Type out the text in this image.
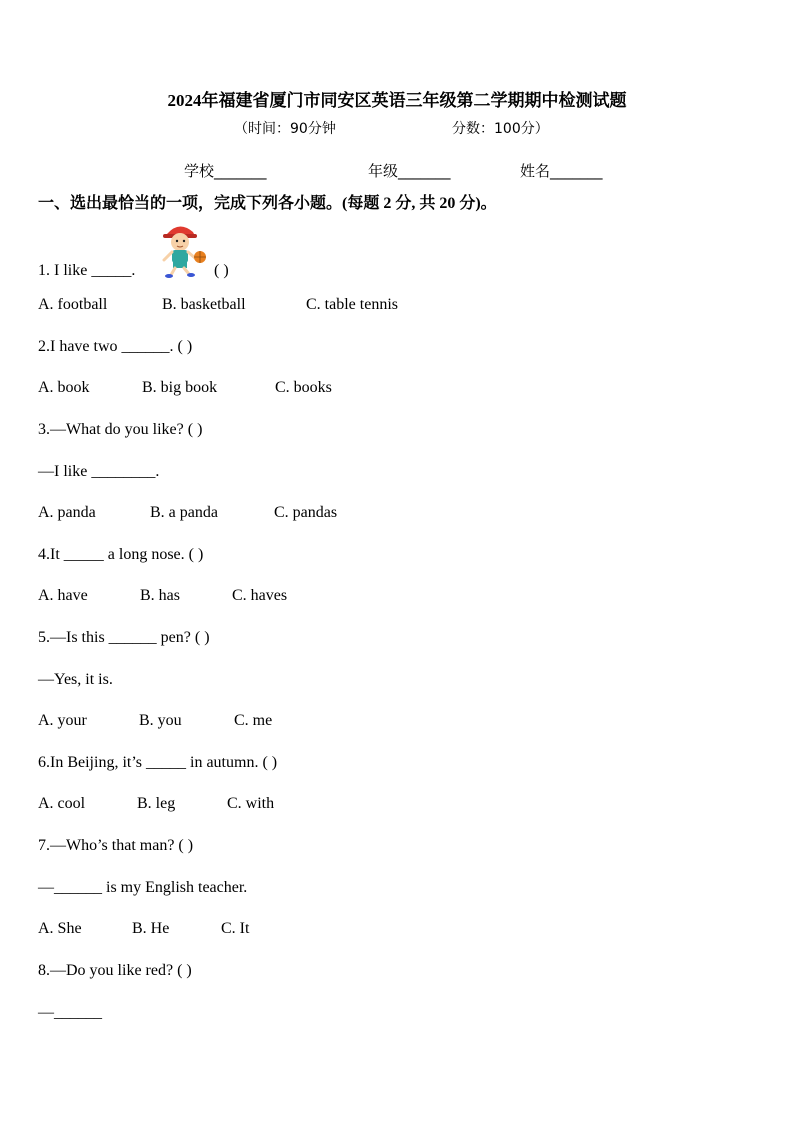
2024年福建省厦门市同安区英语三年级第二学期期中检测试题
（时间：90分钟	分数：100分）
学校_______	年级_______	姓名_______
一、选出最恰当的一项，完成下列各小题。(每题 2 分, 共 20 分)。
1. I like _____.	( )
A. football	B. basketball	C. table tennis
2.I have two ______. ( )
A. book	B. big book	C. books
3.—What do you like? ( )
—I like ________.
A. panda	B. a panda	C. pandas
4.It _____ a long nose. ( )
A. have	B. has	C. haves
5.—Is this ______ pen? ( )
—Yes, it is.
A. your	B. you	C. me
6.In Beijing, it’s _____ in autumn. ( )
A. cool	B. leg	C. with
7.—Who’s that man? ( )
—______ is my English teacher.
A. She	B. He	C. It
8.—Do you like red? ( )
—______
